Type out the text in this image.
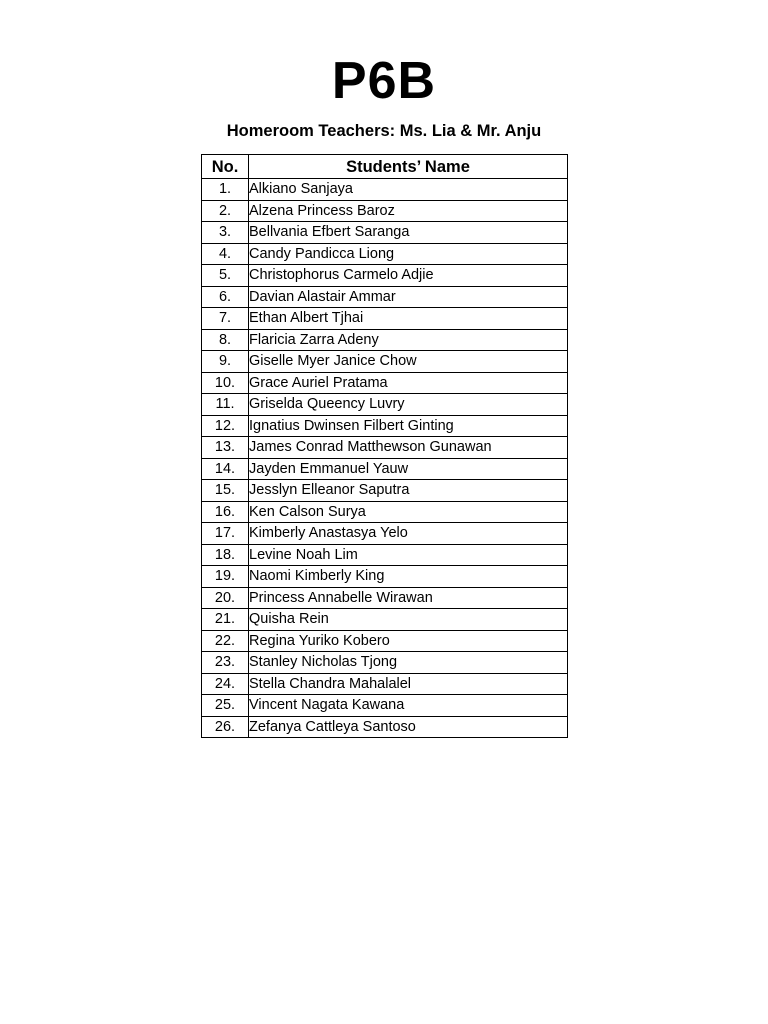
P6B
Homeroom Teachers: Ms. Lia & Mr. Anju
No.	Students’ Name
1.	Alkiano Sanjaya
2.	Alzena Princess Baroz
3.	Bellvania Efbert Saranga
4.	Candy Pandicca Liong
5.	Christophorus Carmelo Adjie
6.	Davian Alastair Ammar
7.	Ethan Albert Tjhai
8.	Flaricia Zarra Adeny
9.	Giselle Myer Janice Chow
10.	Grace Auriel Pratama
11.	Griselda Queency Luvry
12.	Ignatius Dwinsen Filbert Ginting
13.	James Conrad Matthewson Gunawan
14.	Jayden Emmanuel Yauw
15.	Jesslyn Elleanor Saputra
16.	Ken Calson Surya
17.	Kimberly Anastasya Yelo
18.	Levine Noah Lim
19.	Naomi Kimberly King
20.	Princess Annabelle Wirawan
21.	Quisha Rein
22.	Regina Yuriko Kobero
23.	Stanley Nicholas Tjong
24.	Stella Chandra Mahalalel
25.	Vincent Nagata Kawana
26.	Zefanya Cattleya Santoso
